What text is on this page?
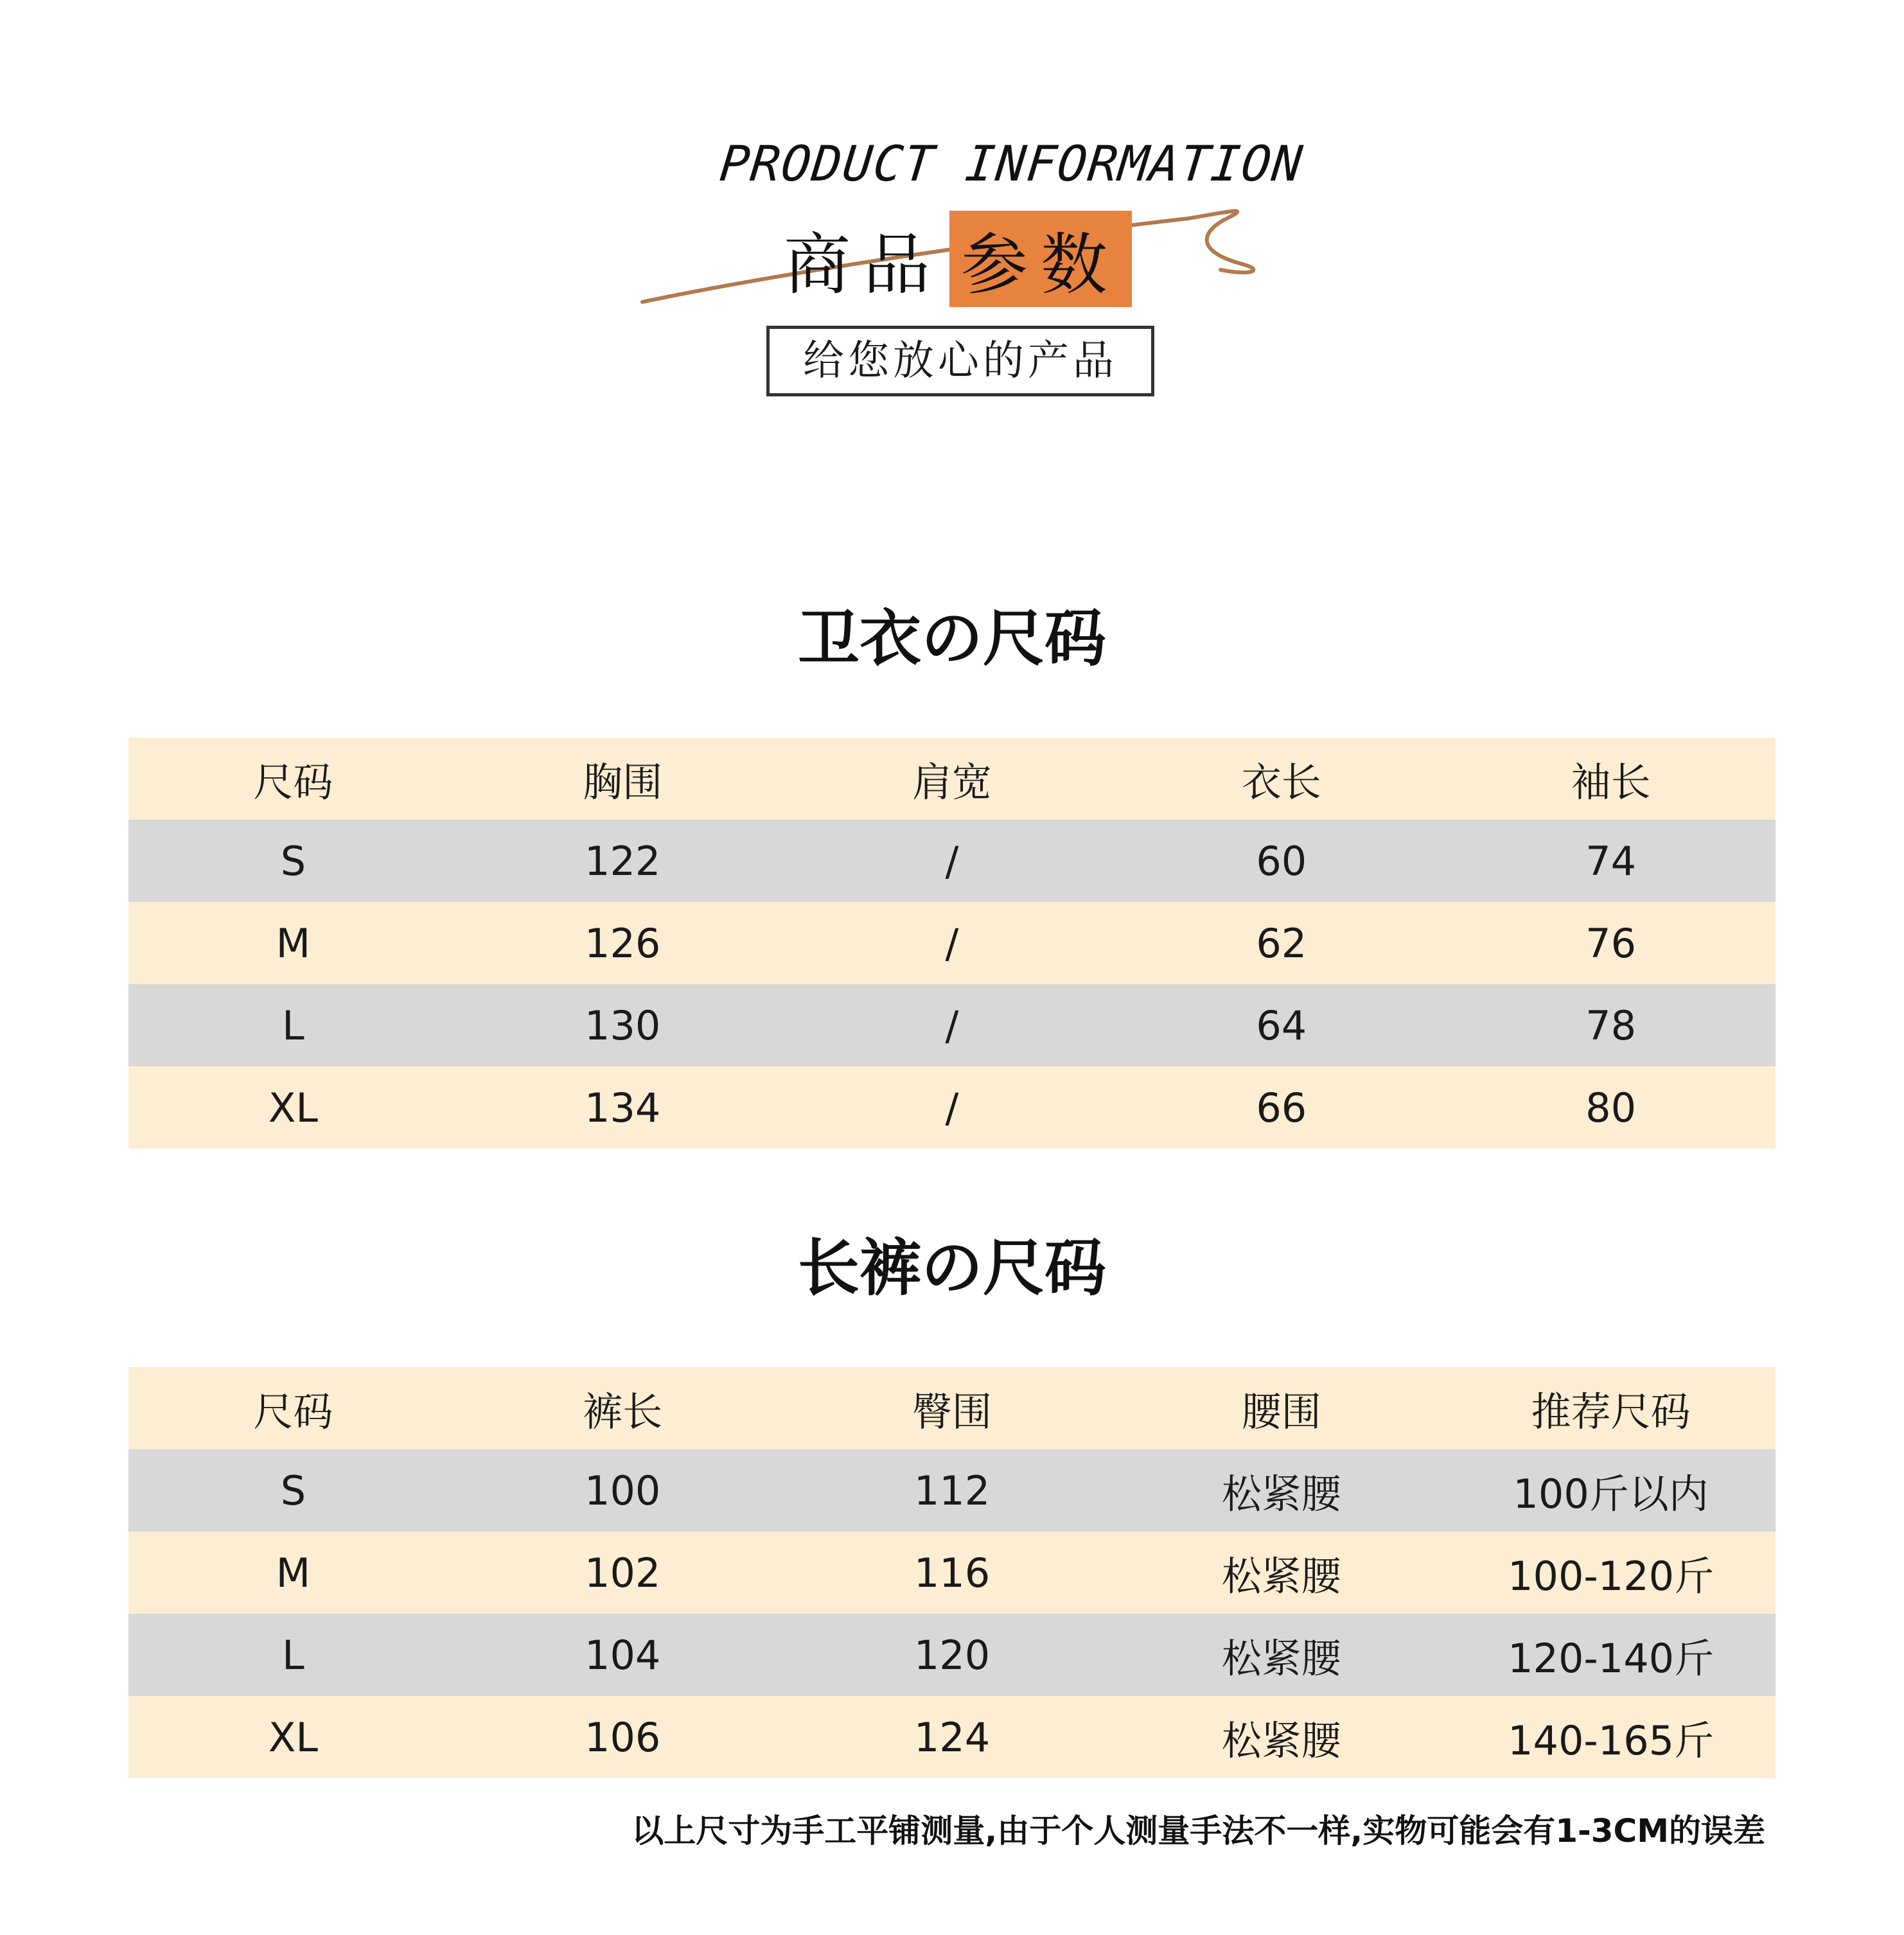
PRODUCT INFORMATION
商品 参数
给您放心的产品
卫衣の尺码
尺码	胸围	肩宽	衣长	袖长
S	122	/	60	74
M	126	/	62	76
L	130	/	64	78
XL	134	/	66	80
长裤の尺码
尺码	裤长	臀围	腰围	推荐尺码
S	100	112	松紧腰	100斤以内
M	102	116	松紧腰	100-120斤
L	104	120	松紧腰	120-140斤
XL	106	124	松紧腰	140-165斤
以上尺寸为手工平铺测量,由于个人测量手法不一样,实物可能会有1-3CM的误差
